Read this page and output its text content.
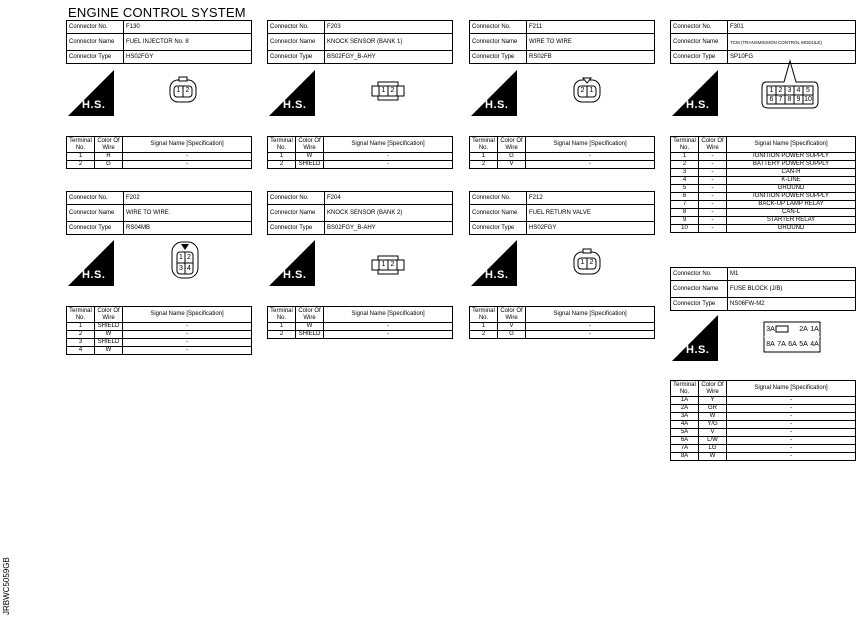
ENGINE CONTROL SYSTEM
JRBWC5059GB
Connector No.	F130
Connector Name	FUEL INJECTOR No. 8
Connector Type	HS02FGY
H.S.
1 2
Terminal No.	Color Of Wire	Signal Name [Specification]
1	R	-
2	G	-
Connector No.	F203
Connector Name	KNOCK SENSOR (BANK 1)
Connector Type	BS02FGY_B-AHY
H.S.
1 2
Terminal No.	Color Of Wire	Signal Name [Specification]
1	W	-
2	SHIELD	-
Connector No.	F211
Connector Name	WIRE TO WIRE
Connector Type	RS02FB
H.S.
2 1
Terminal No.	Color Of Wire	Signal Name [Specification]
1	G	-
2	V	-
Connector No.	F301
Connector Name	TCM (TRANSMISSION CONTROL MODULE)
Connector Type	SP10FG
H.S.
1 2 3 4 5
6 7 8 9 10
Terminal No.	Color Of Wire	Signal Name [Specification]
1	-	IGNITION POWER SUPPLY
2	-	BATTERY POWER SUPPLY
3	-	CAN-H
4	-	K-LINE
5	-	GROUND
6	-	IGNITION POWER SUPPLY
7	-	BACK-UP LAMP RELAY
8	-	CAN-L
9	-	STARTER RELAY
10	-	GROUND
Connector No.	F202
Connector Name	WIRE TO WIRE
Connector Type	RS04MB
H.S.
1 2
3 4
Terminal No.	Color Of Wire	Signal Name [Specification]
1	SHIELD	-
2	W	-
3	SHIELD	-
4	W	-
Connector No.	F204
Connector Name	KNOCK SENSOR (BANK 2)
Connector Type	BS02FGY_B-AHY
H.S.
1 2
Terminal No.	Color Of Wire	Signal Name [Specification]
1	W	-
2	SHIELD	-
Connector No.	F212
Connector Name	FUEL RETURN VALVE
Connector Type	HS02FGY
H.S.
1 2
Terminal No.	Color Of Wire	Signal Name [Specification]
1	V	-
2	G	-
Connector No.	M1
Connector Name	FUSE BLOCK (J/B)
Connector Type	NS06FW-M2
H.S.
3A	2A 1A
8A 7A 6A 5A 4A
Terminal No.	Color Of Wire	Signal Name [Specification]
1A	Y	-
2A	GR	-
3A	W	-
4A	Y/G	-
5A	V	-
6A	L/W	-
7A	LG	-
8A	W	-
